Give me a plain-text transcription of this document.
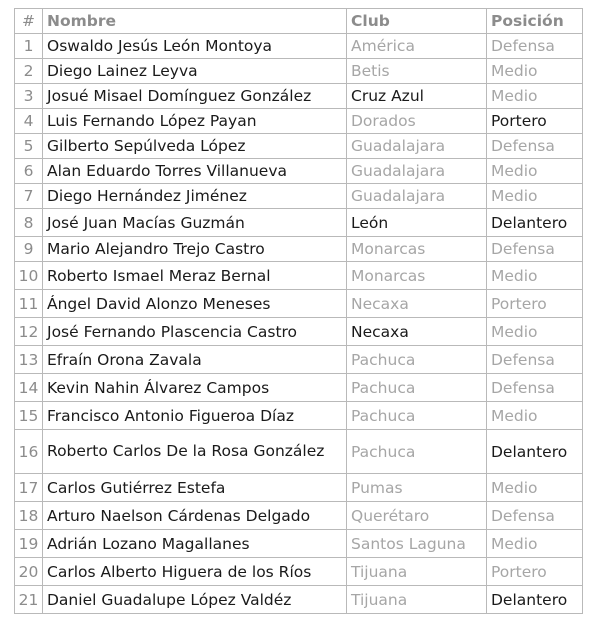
#	Nombre	Club	Posición
1	Oswaldo Jesús León Montoya	América	Defensa
2	Diego Lainez Leyva	Betis	Medio
3	Josué Misael Domínguez González	Cruz Azul	Medio
4	Luis Fernando López Payan	Dorados	Portero
5	Gilberto Sepúlveda López	Guadalajara	Defensa
6	Alan Eduardo Torres Villanueva	Guadalajara	Medio
7	Diego Hernández Jiménez	Guadalajara	Medio
8	José Juan Macías Guzmán	León	Delantero
9	Mario Alejandro Trejo Castro	Monarcas	Defensa
10	Roberto Ismael Meraz Bernal	Monarcas	Medio
11	Ángel David Alonzo Meneses	Necaxa	Portero
12	José Fernando Plascencia Castro	Necaxa	Medio
13	Efraín Orona Zavala	Pachuca	Defensa
14	Kevin Nahin Álvarez Campos	Pachuca	Defensa
15	Francisco Antonio Figueroa Díaz	Pachuca	Medio
16	Roberto Carlos De la Rosa González	Pachuca	Delantero
17	Carlos Gutiérrez Estefa	Pumas	Medio
18	Arturo Naelson Cárdenas Delgado	Querétaro	Defensa
19	Adrián Lozano Magallanes	Santos Laguna	Medio
20	Carlos Alberto Higuera de los Ríos	Tijuana	Portero
21	Daniel Guadalupe López Valdéz	Tijuana	Delantero
